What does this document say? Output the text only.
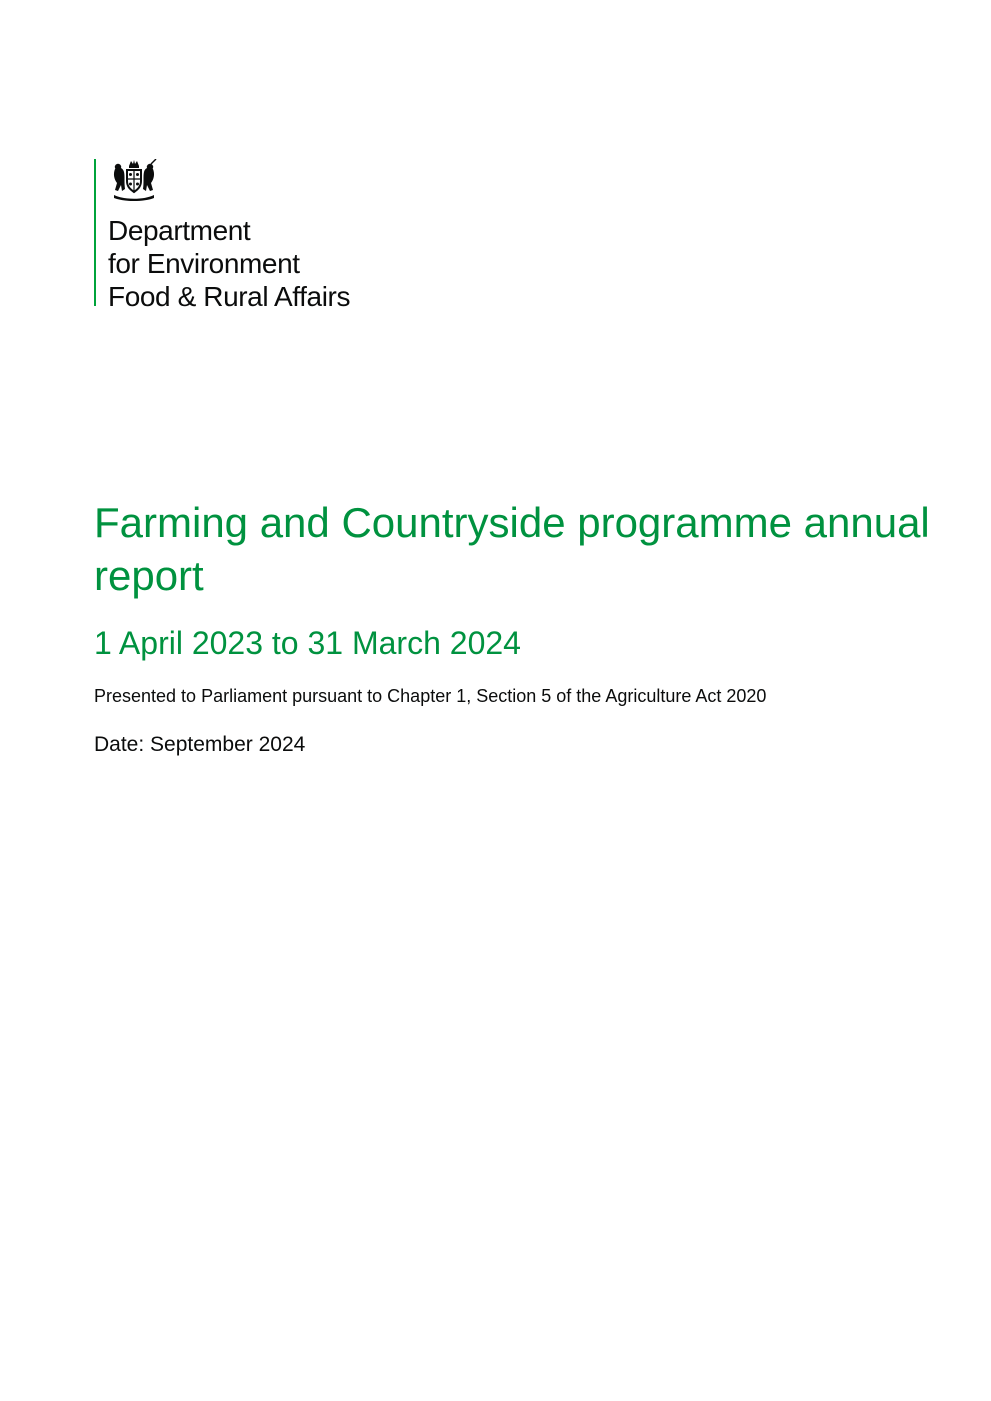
Department
for Environment
Food & Rural Affairs
Farming and Countryside programme annual report
1 April 2023 to 31 March 2024

Presented to Parliament pursuant to Chapter 1, Section 5 of the Agriculture Act 2020

Date: September 2024
